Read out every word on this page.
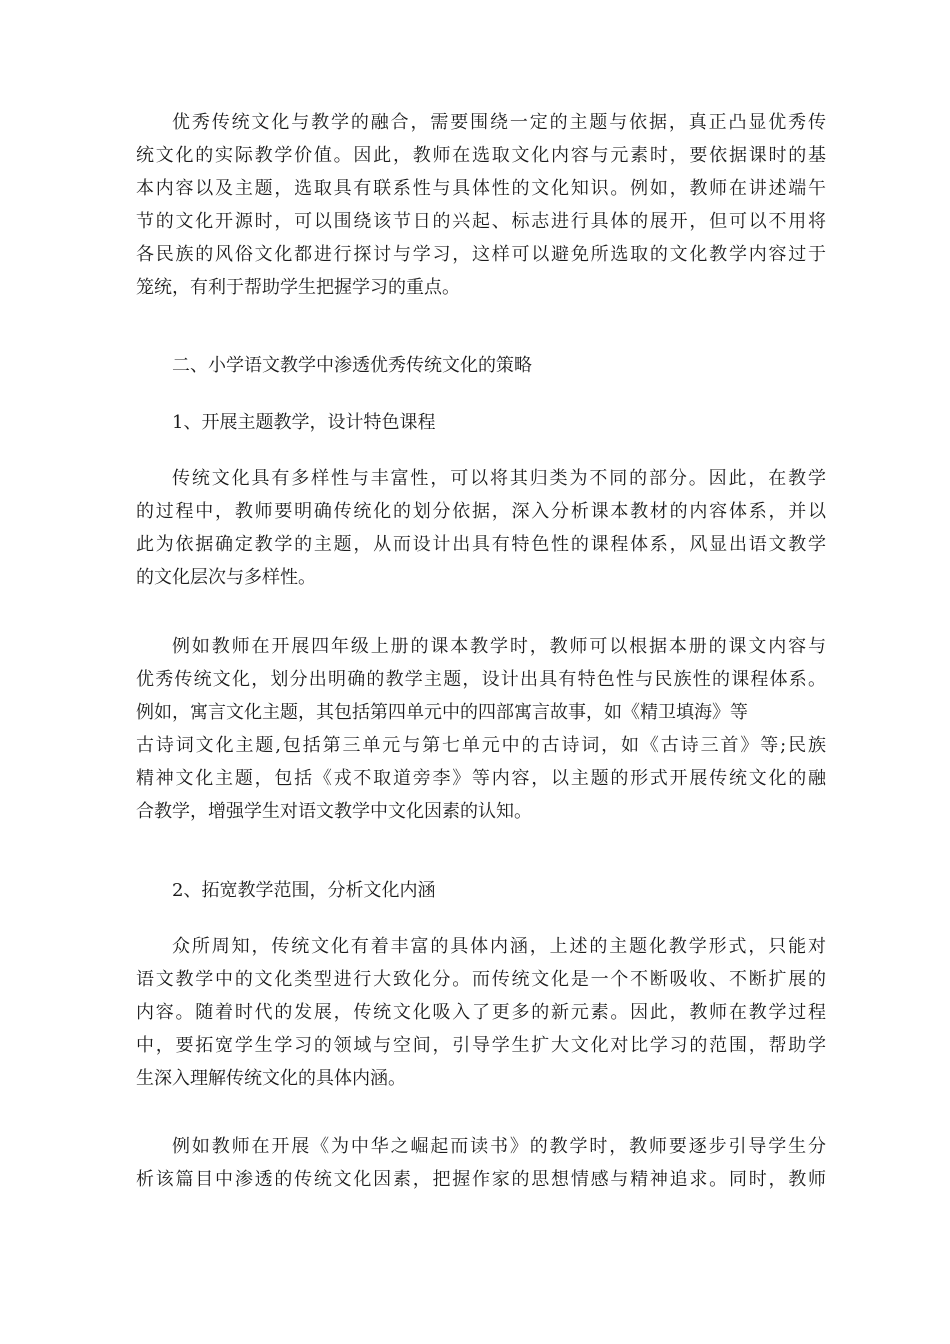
优秀传统文化与教学的融合，需要围绕一定的主题与依据，真正凸显优秀传
统文化的实际教学价值。因此，教师在选取文化内容与元素时，要依据课时的基
本内容以及主题，选取具有联系性与具体性的文化知识。例如，教师在讲述端午
节的文化开源时，可以围绕该节日的兴起、标志进行具体的展开，但可以不用将
各民族的风俗文化都进行探讨与学习，这样可以避免所选取的文化教学内容过于
笼统，有利于帮助学生把握学习的重点。
二、小学语文教学中渗透优秀传统文化的策略
1、开展主题教学，设计特色课程
传统文化具有多样性与丰富性，可以将其归类为不同的部分。因此，在教学
的过程中，教师要明确传统化的划分依据，深入分析课本教材的内容体系，并以
此为依据确定教学的主题，从而设计出具有特色性的课程体系，风显出语文教学
的文化层次与多样性。
例如教师在开展四年级上册的课本教学时，教师可以根据本册的课文内容与
优秀传统文化，划分出明确的教学主题，设计出具有特色性与民族性的课程体系。
例如，寓言文化主题，其包括第四单元中的四部寓言故事，如《精卫填海》等
古诗词文化主题,包括第三单元与第七单元中的古诗词，如《古诗三首》等;民族
精神文化主题，包括《戎不取道旁李》等内容，以主题的形式开展传统文化的融
合教学，增强学生对语文教学中文化因素的认知。
2、拓宽教学范围，分析文化内涵
众所周知，传统文化有着丰富的具体内涵，上述的主题化教学形式，只能对
语文教学中的文化类型进行大致化分。而传统文化是一个不断吸收、不断扩展的
内容。随着时代的发展，传统文化吸入了更多的新元素。因此，教师在教学过程
中，要拓宽学生学习的领域与空间，引导学生扩大文化对比学习的范围，帮助学
生深入理解传统文化的具体内涵。
例如教师在开展《为中华之崛起而读书》的教学时，教师要逐步引导学生分
析该篇目中渗透的传统文化因素，把握作家的思想情感与精神追求。同时，教师
